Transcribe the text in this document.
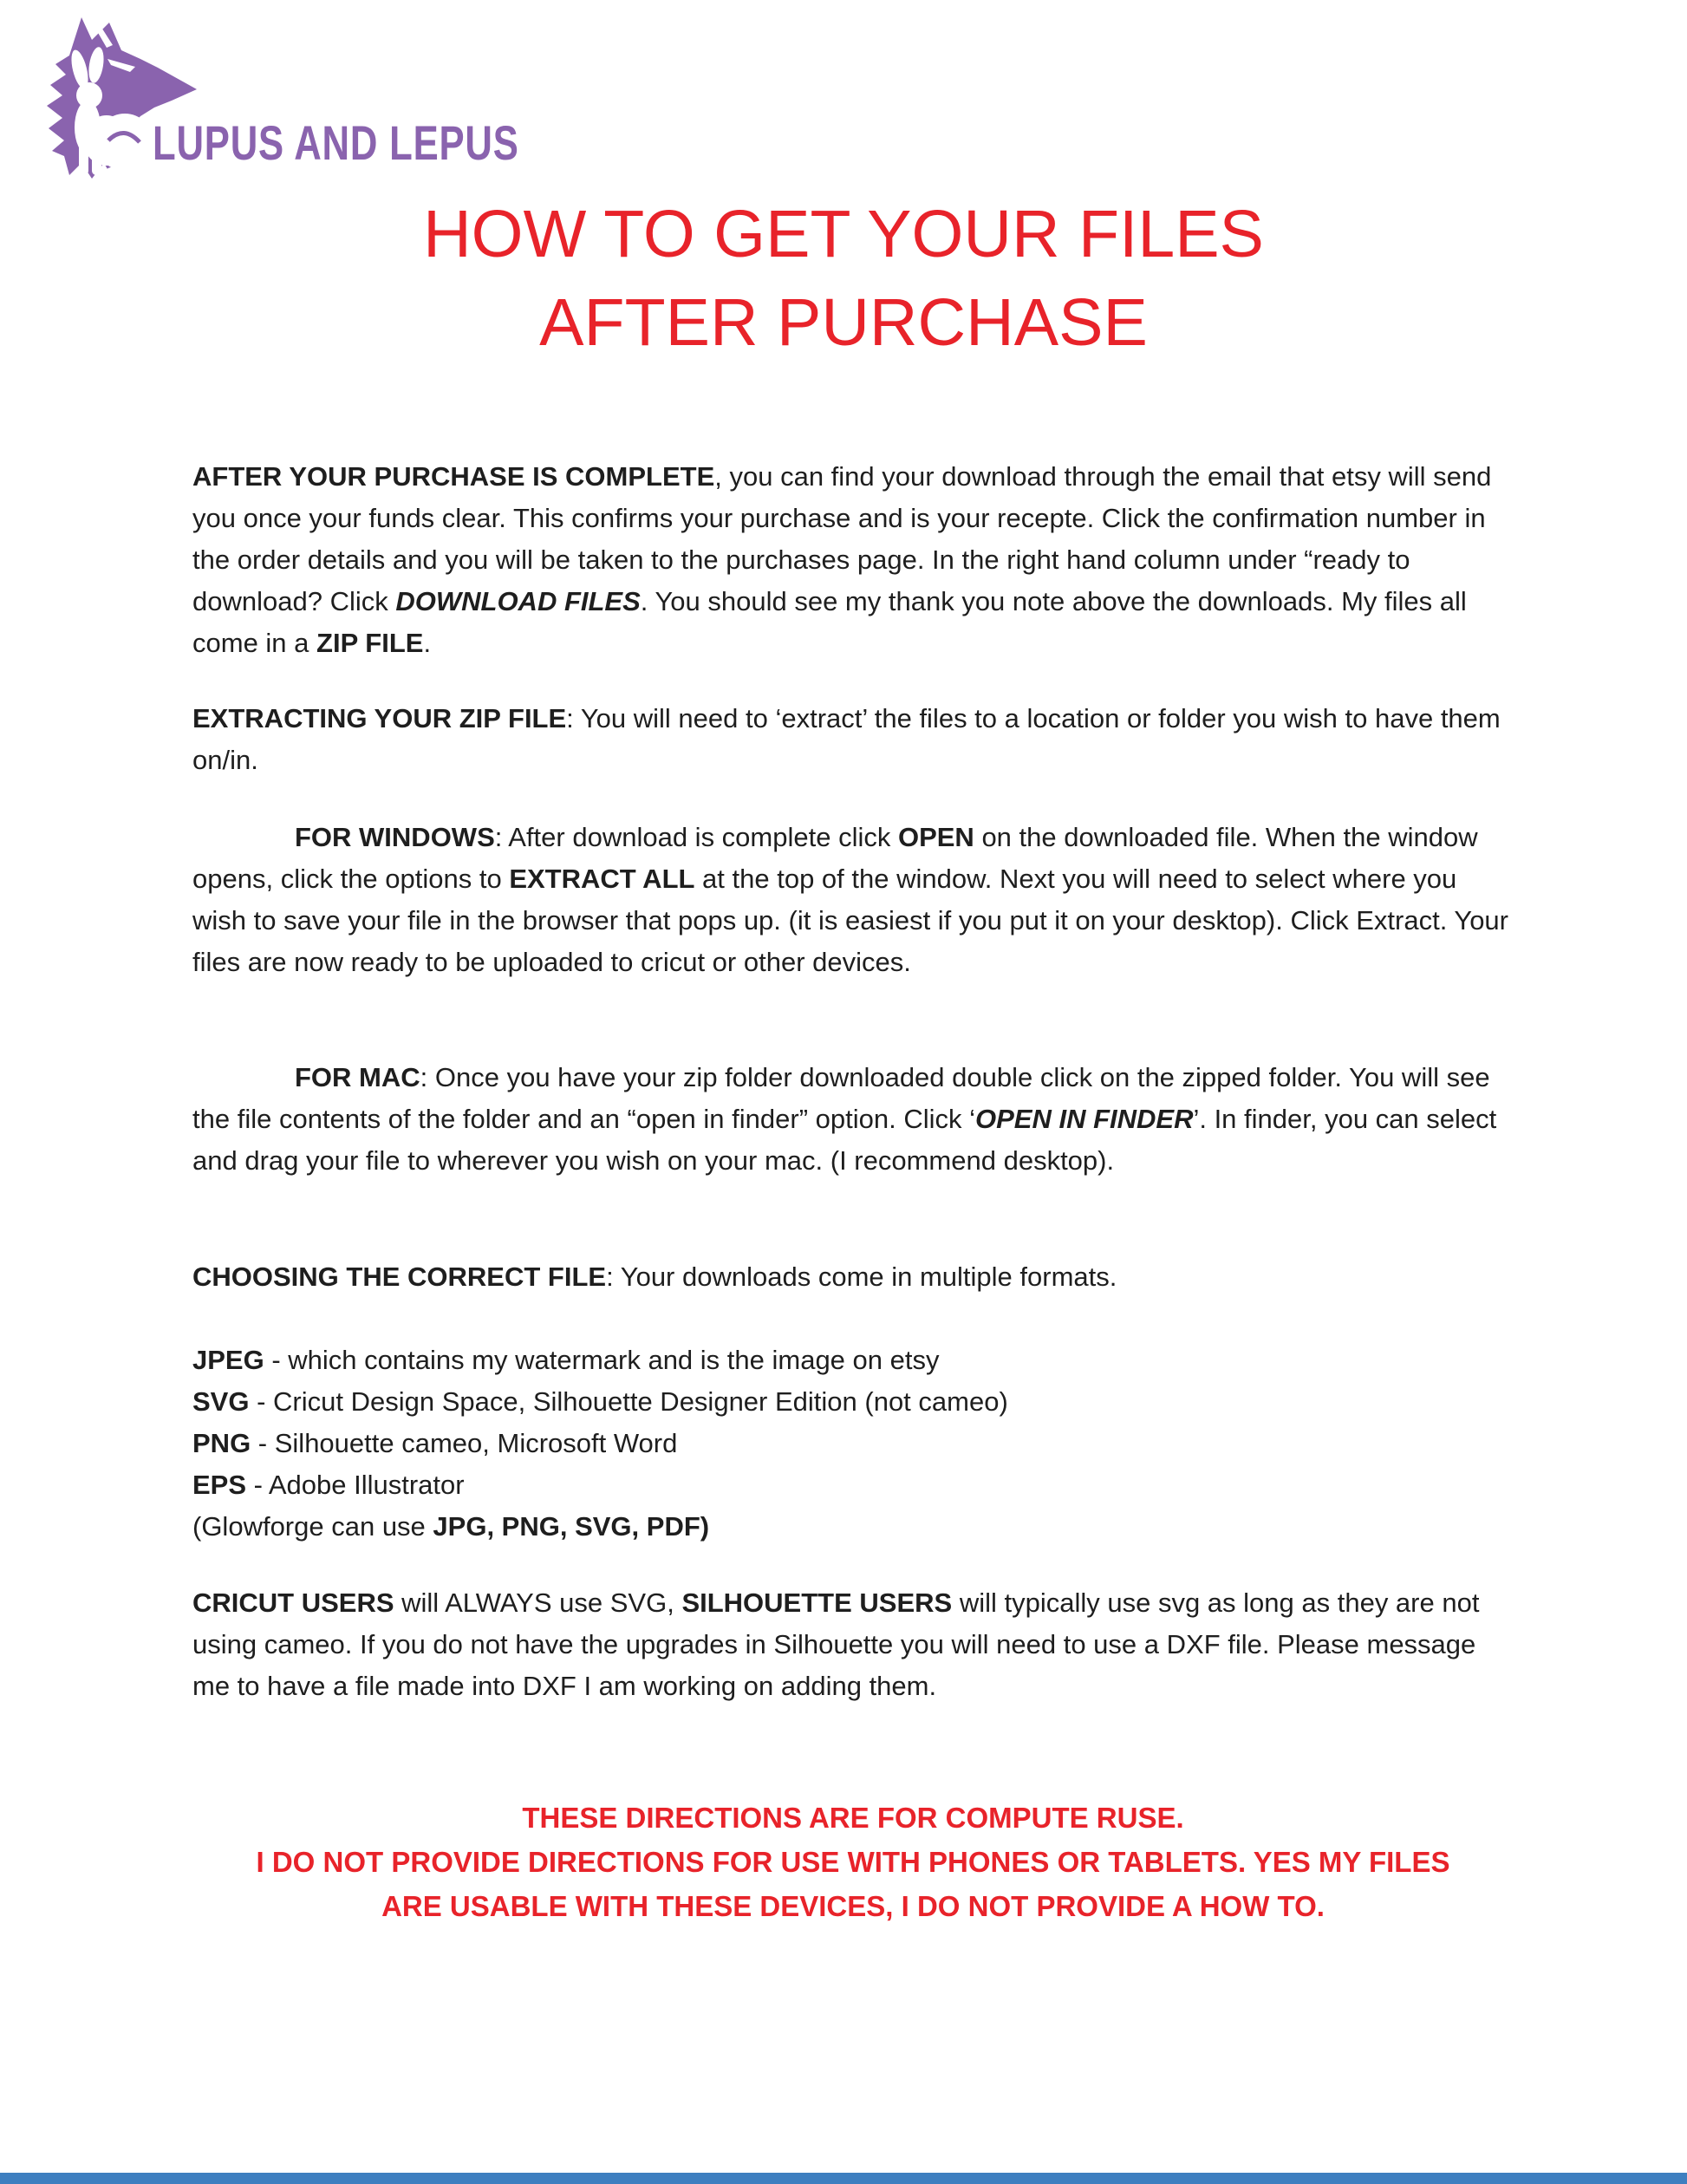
LUPUS AND LEPUS
HOW TO GET YOUR FILES
AFTER PURCHASE
AFTER YOUR PURCHASE IS COMPLETE, you can find your download through the email that etsy will send you once your funds clear. This confirms your purchase and is your recepte. Click the confirmation number in the order details and you will be taken to the purchases page. In the right hand column under “ready to download? Click DOWNLOAD FILES. You should see my thank you note above the downloads. My files all come in a ZIP FILE.
EXTRACTING YOUR ZIP FILE: You will need to ‘extract’ the files to a location or folder you wish to have them on/in.
FOR WINDOWS: After download is complete click OPEN on the downloaded file. When the window opens, click the options to EXTRACT ALL at the top of the window. Next you will need to select where you wish to save your file in the browser that pops up. (it is easiest if you put it on your desktop). Click Extract. Your files are now ready to be uploaded to cricut or other devices.
FOR MAC: Once you have your zip folder downloaded double click on the zipped folder. You will see the file contents of the folder and an “open in finder” option. Click ‘OPEN IN FINDER’. In finder, you can select and drag your file to wherever you wish on your mac. (I recommend desktop).
CHOOSING THE CORRECT FILE: Your downloads come in multiple formats.
JPEG - which contains my watermark and is the image on etsy
SVG - Cricut Design Space, Silhouette Designer Edition (not cameo)
PNG - Silhouette cameo, Microsoft Word
EPS - Adobe Illustrator
(Glowforge can use JPG, PNG, SVG, PDF)
CRICUT USERS will ALWAYS use SVG, SILHOUETTE USERS will typically use svg as long as they are not using cameo. If you do not have the upgrades in Silhouette you will need to use a DXF file. Please message me to have a file made into DXF I am working on adding them.
THESE DIRECTIONS ARE FOR COMPUTE RUSE.
I DO NOT PROVIDE DIRECTIONS FOR USE WITH PHONES OR TABLETS. YES MY FILES
ARE USABLE WITH THESE DEVICES, I DO NOT PROVIDE A HOW TO.
